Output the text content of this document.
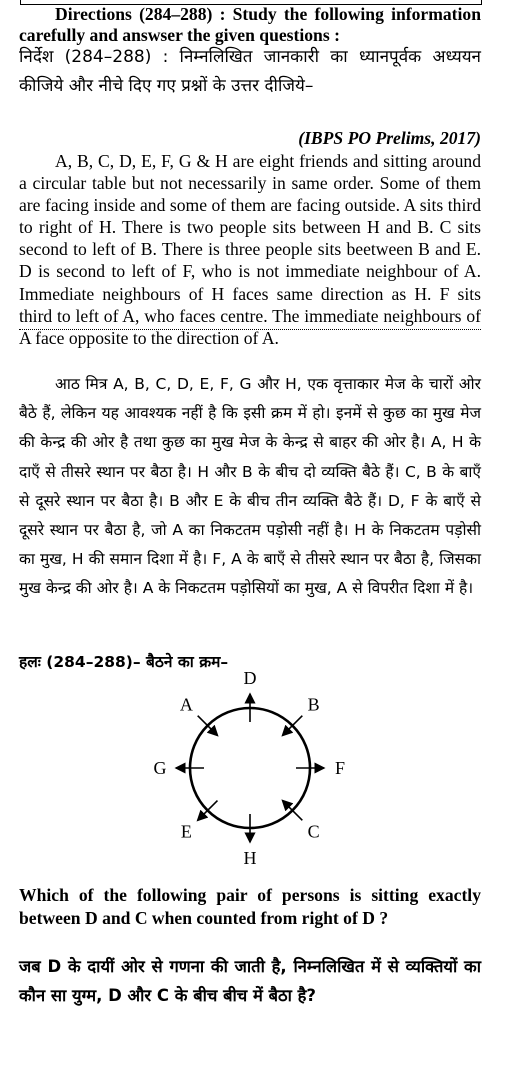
Directions (284–288) : Study the following information carefully and answser the given questions :
निर्देश (284–288) : निम्नलिखित जानकारी का ध्यानपूर्वक अध्ययन कीजिये और नीचे दिए गए प्रश्नों के उत्तर दीजिये–
(IBPS PO Prelims, 2017)
A, B, C, D, E, F, G & H are eight friends and sitting around a circular table but not necessarily in same order. Some of them are facing inside and some of them are facing outside. A sits third to right of H. There is two people sits between H and B. C sits second to left of B. There is three people sits beetween B and E. D is second to left of F, who is not immediate neighbour of A. Immediate neighbours of H faces same direction as H. F sits third to left of A, who faces centre. The immediate neighbours of A face opposite to the direction of A.
आठ मित्र A, B, C, D, E, F, G और H, एक वृत्ताकार मेज के चारों ओर बैठे हैं, लेकिन यह आवश्यक नहीं है कि इसी क्रम में हो। इनमें से कुछ का मुख मेज की केन्द्र की ओर है तथा कुछ का मुख मेज के केन्द्र से बाहर की ओर है। A, H के दाएँ से तीसरे स्थान पर बैठा है। H और B के बीच दो व्यक्ति बैठे हैं। C, B के बाएँ से दूसरे स्थान पर बैठा है। B और E के बीच तीन व्यक्ति बैठे हैं। D, F के बाएँ से दूसरे स्थान पर बैठा है, जो A का निकटतम पड़ोसी नहीं है। H के निकटतम पड़ोसी का मुख, H की समान दिशा में है। F, A के बाएँ से तीसरे स्थान पर बैठा है, जिसका मुख केन्द्र की ओर है। A के निकटतम पड़ोसियों का मुख, A से विपरीत दिशा में है।
हलः (284–288)– बैठने का क्रम–
D
B
F
C
H
E
G
A
Which of the following pair of persons is sitting exactly between D and C when counted from right of D ?
जब D के दायीं ओर से गणना की जाती है, निम्नलिखित में से व्यक्तियों का कौन सा युग्म, D और C के बीच बीच में बैठा है?
